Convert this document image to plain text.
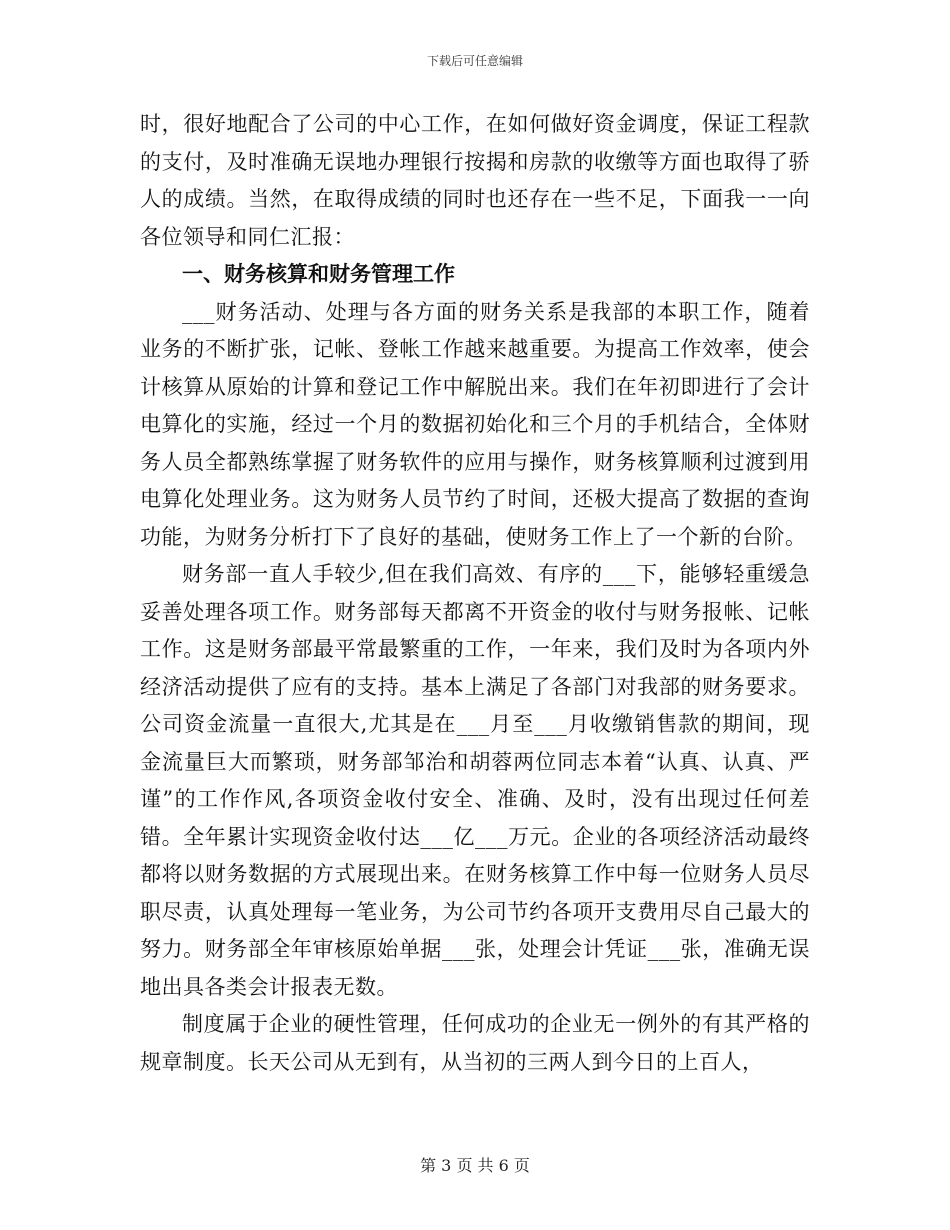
下载后可任意编辑

时，很好地配合了公司的中心工作，在如何做好资金调度，保证工程款的支付，及时准确无误地办理银行按揭和房款的收缴等方面也取得了骄人的成绩。当然，在取得成绩的同时也还存在一些不足，下面我一一向各位领导和同仁汇报：

一、财务核算和财务管理工作

___财务活动、处理与各方面的财务关系是我部的本职工作，随着业务的不断扩张，记帐、登帐工作越来越重要。为提高工作效率，使会计核算从原始的计算和登记工作中解脱出来。我们在年初即进行了会计电算化的实施，经过一个月的数据初始化和三个月的手机结合，全体财务人员全都熟练掌握了财务软件的应用与操作，财务核算顺利过渡到用电算化处理业务。这为财务人员节约了时间，还极大提高了数据的查询功能，为财务分析打下了良好的基础，使财务工作上了一个新的台阶。

财务部一直人手较少,但在我们高效、有序的___下，能够轻重缓急妥善处理各项工作。财务部每天都离不开资金的收付与财务报帐、记帐工作。这是财务部最平常最繁重的工作，一年来，我们及时为各项内外经济活动提供了应有的支持。基本上满足了各部门对我部的财务要求。公司资金流量一直很大,尤其是在___月至___月收缴销售款的期间，现金流量巨大而繁琐，财务部邹治和胡蓉两位同志本着“认真、认真、严谨”的工作作风,各项资金收付安全、准确、及时，没有出现过任何差错。全年累计实现资金收付达___亿___万元。企业的各项经济活动最终都将以财务数据的方式展现出来。在财务核算工作中每一位财务人员尽职尽责，认真处理每一笔业务，为公司节约各项开支费用尽自己最大的努力。财务部全年审核原始单据___张，处理会计凭证___张，准确无误地出具各类会计报表无数。

制度属于企业的硬性管理，任何成功的企业无一例外的有其严格的规章制度。长天公司从无到有，从当初的三两人到今日的上百人，

第 3 页 共 6 页
